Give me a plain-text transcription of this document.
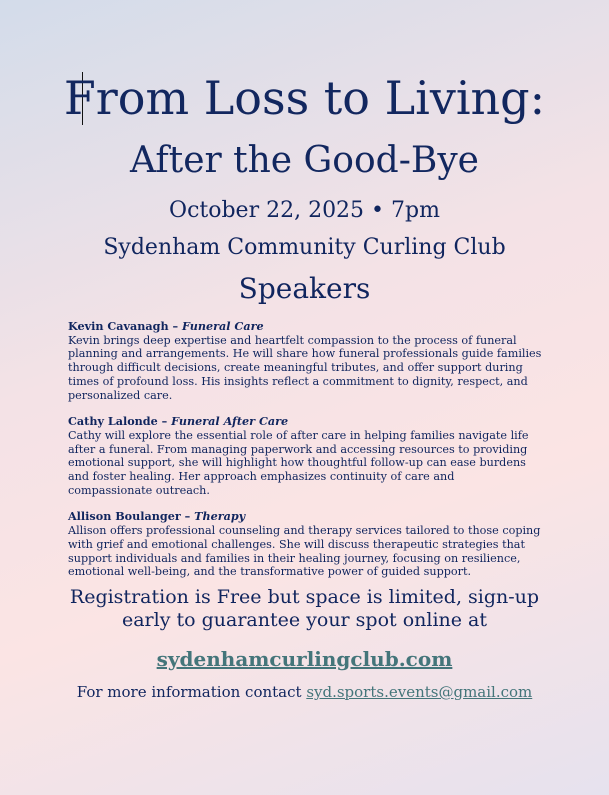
From Loss to Living:
After the Good-Bye
October 22, 2025 • 7pm
Sydenham Community Curling Club
Speakers
Kevin Cavanagh – Funeral Care
Kevin brings deep expertise and heartfelt compassion to the process of funeral planning and arrangements. He will share how funeral professionals guide families through difficult decisions, create meaningful tributes, and offer support during times of profound loss. His insights reflect a commitment to dignity, respect, and personalized care.
Cathy Lalonde – Funeral After Care
Cathy will explore the essential role of after care in helping families navigate life after a funeral. From managing paperwork and accessing resources to providing emotional support, she will highlight how thoughtful follow-up can ease burdens and foster healing. Her approach emphasizes continuity of care and compassionate outreach.
Allison Boulanger – Therapy
Allison offers professional counseling and therapy services tailored to those coping with grief and emotional challenges. She will discuss therapeutic strategies that support individuals and families in their healing journey, focusing on resilience, emotional well-being, and the transformative power of guided support.
Registration is Free but space is limited, sign-up
early to guarantee your spot online at
sydenhamcurlingclub.com
For more information contact syd.sports.events@gmail.com
